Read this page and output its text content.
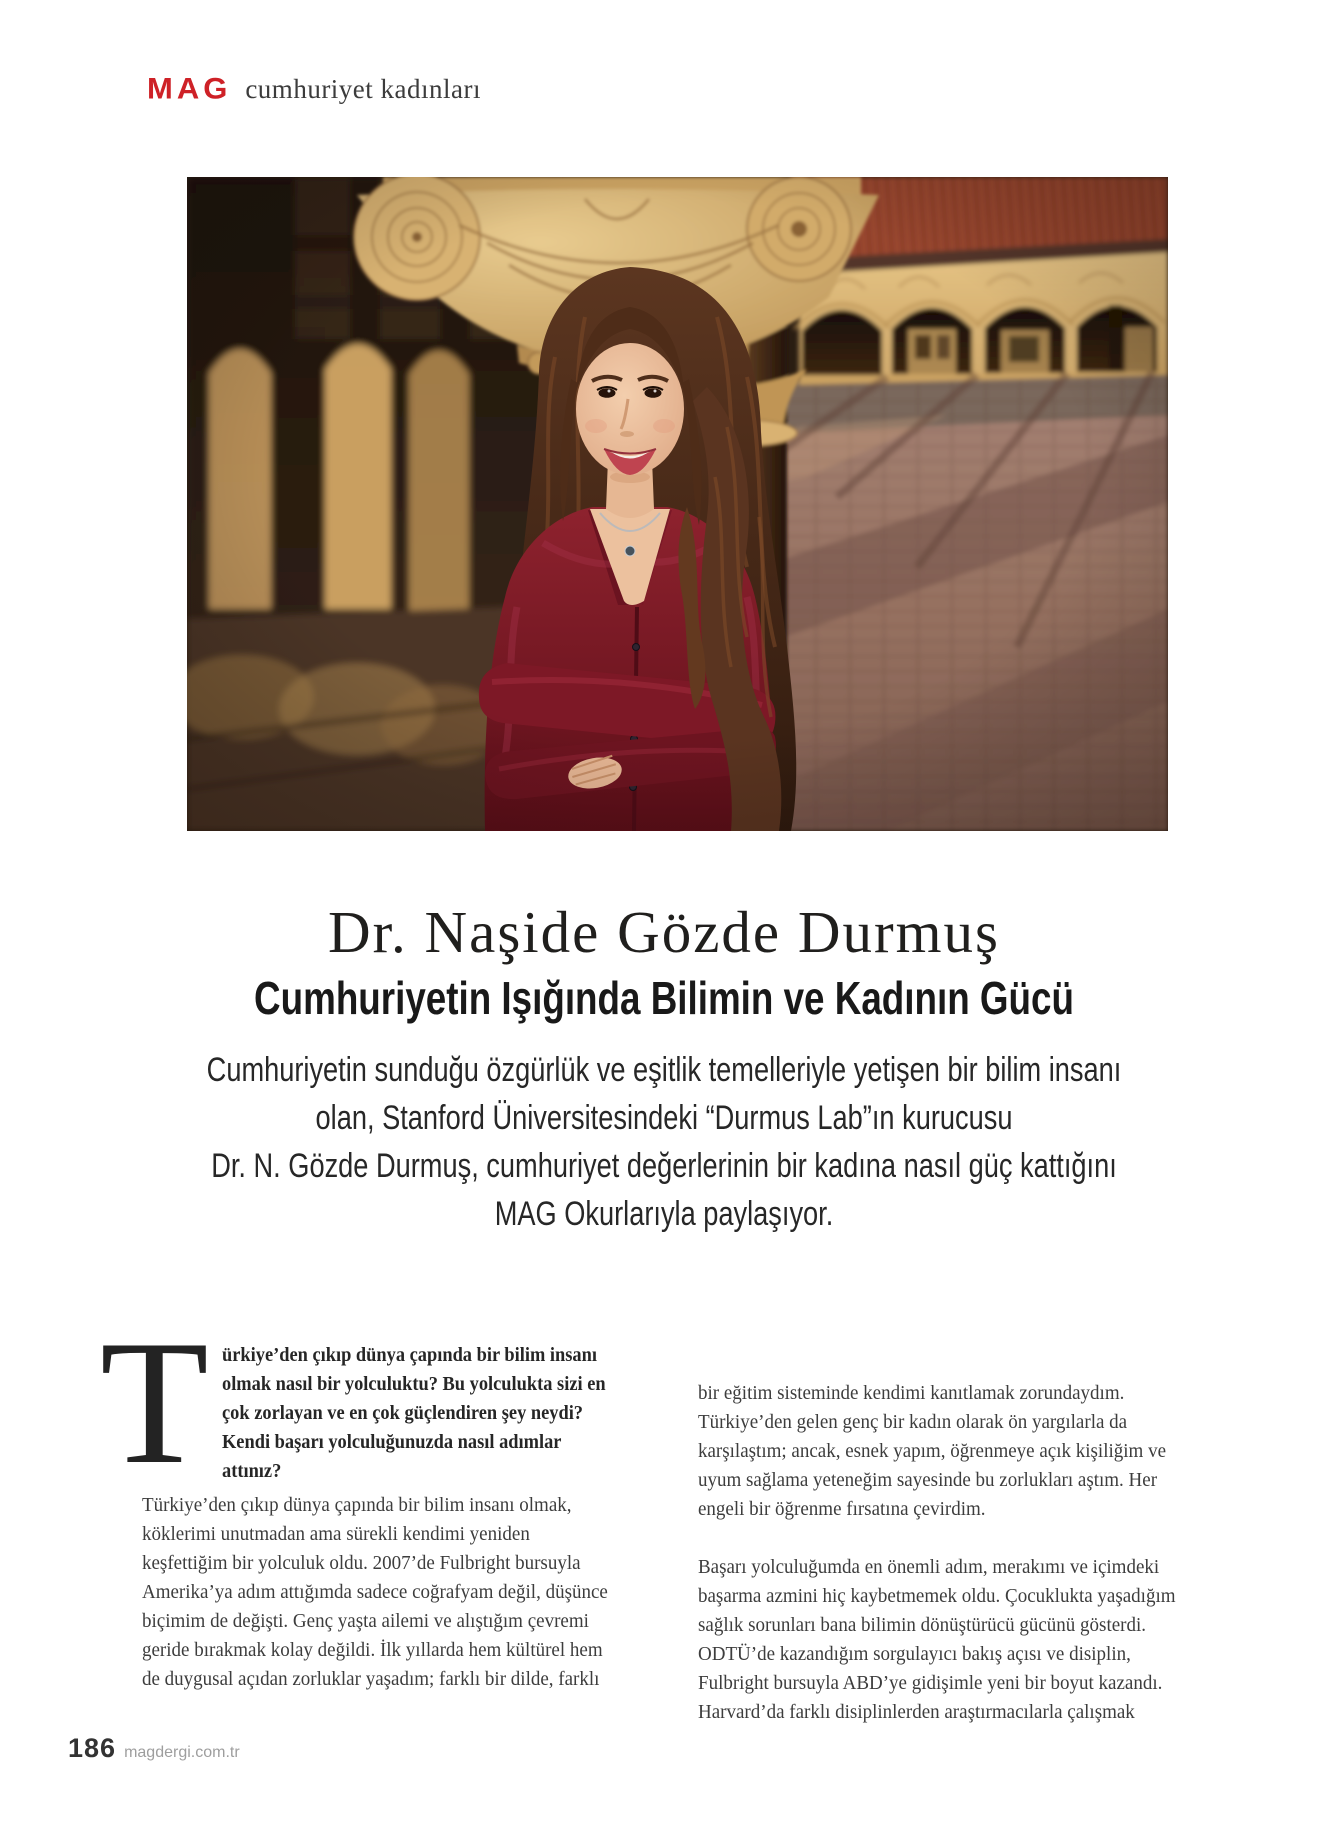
MAG cumhuriyet kadınları
Dr. Naşide Gözde Durmuş
Cumhuriyetin Işığında Bilimin ve Kadının Gücü
Cumhuriyetin sunduğu özgürlük ve eşitlik temelleriyle yetişen bir bilim insanı
olan, Stanford Üniversitesindeki “Durmus Lab”ın kurucusu
Dr. N. Gözde Durmuş, cumhuriyet değerlerinin bir kadına nasıl güç kattığını
MAG Okurlarıyla paylaşıyor.
T ürkiye’den çıkıp dünya çapında bir bilim insanı
olmak nasıl bir yolculuktu? Bu yolculukta sizi en
çok zorlayan ve en çok güçlendiren şey neydi?
Kendi başarı yolculuğunuzda nasıl adımlar
attınız?
Türkiye’den çıkıp dünya çapında bir bilim insanı olmak,
köklerimi unutmadan ama sürekli kendimi yeniden
keşfettiğim bir yolculuk oldu. 2007’de Fulbright bursuyla
Amerika’ya adım attığımda sadece coğrafyam değil, düşünce
biçimim de değişti. Genç yaşta ailemi ve alıştığım çevremi
geride bırakmak kolay değildi. İlk yıllarda hem kültürel hem
de duygusal açıdan zorluklar yaşadım; farklı bir dilde, farklı
bir eğitim sisteminde kendimi kanıtlamak zorundaydım.
Türkiye’den gelen genç bir kadın olarak ön yargılarla da
karşılaştım; ancak, esnek yapım, öğrenmeye açık kişiliğim ve
uyum sağlama yeteneğim sayesinde bu zorlukları aştım. Her
engeli bir öğrenme fırsatına çevirdim.
Başarı yolculuğumda en önemli adım, merakımı ve içimdeki
başarma azmini hiç kaybetmemek oldu. Çocuklukta yaşadığım
sağlık sorunları bana bilimin dönüştürücü gücünü gösterdi.
ODTÜ’de kazandığım sorgulayıcı bakış açısı ve disiplin,
Fulbright bursuyla ABD’ye gidişimle yeni bir boyut kazandı.
Harvard’da farklı disiplinlerden araştırmacılarla çalışmak
186 magdergi.com.tr
